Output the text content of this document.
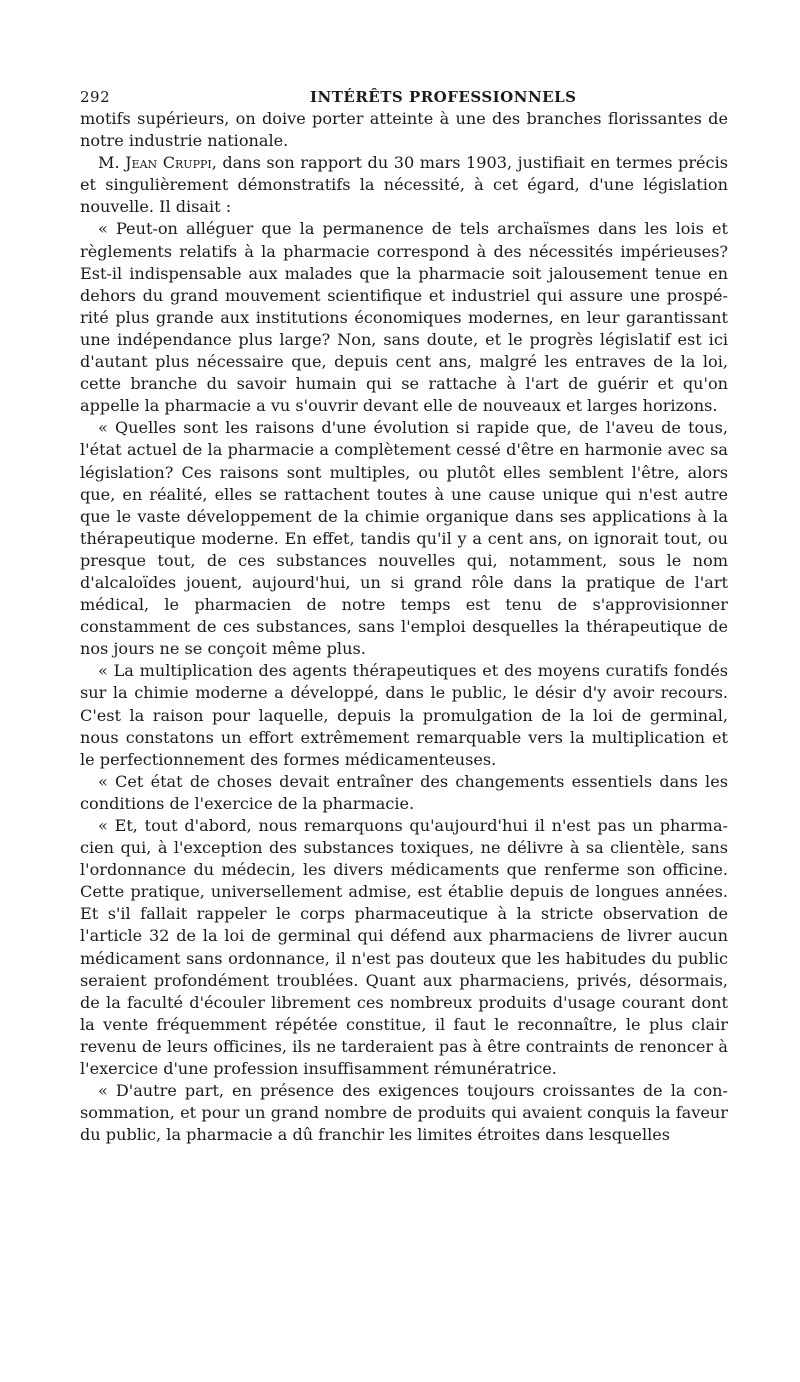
292	INTÉRÊTS PROFESSIONNELS

motifs supérieurs, on doive porter atteinte à une des branches florissantes de notre industrie nationale.

M. Jean Cruppi, dans son rapport du 30 mars 1903, justifiait en termes précis et singulièrement démonstratifs la nécessité, à cet égard, d'une législation nouvelle. Il disait :

« Peut-on alléguer que la permanence de tels archaïsmes dans les lois et règlements relatifs à la pharmacie correspond à des nécessités impérieuses? Est-il indispensable aux malades que la pharmacie soit jalousement tenue en dehors du grand mouvement scientifique et industriel qui assure une prospérité plus grande aux institutions économiques modernes, en leur garantissant une indépendance plus large? Non, sans doute, et le progrès législatif est ici d'autant plus nécessaire que, depuis cent ans, malgré les entraves de la loi, cette branche du savoir humain qui se rattache à l'art de guérir et qu'on appelle la pharmacie a vu s'ouvrir devant elle de nouveaux et larges horizons.

« Quelles sont les raisons d'une évolution si rapide que, de l'aveu de tous, l'état actuel de la pharmacie a complètement cessé d'être en harmonie avec sa législation? Ces raisons sont multiples, ou plutôt elles semblent l'être, alors que, en réalité, elles se rattachent toutes à une cause unique qui n'est autre que le vaste développement de la chimie organique dans ses applications à la thérapeutique moderne. En effet, tandis qu'il y a cent ans, on ignorait tout, ou presque tout, de ces substances nouvelles qui, notamment, sous le nom d'alcaloïdes jouent, aujourd'hui, un si grand rôle dans la pratique de l'art médical, le pharmacien de notre temps est tenu de s'approvisionner constamment de ces substances, sans l'emploi desquelles la thérapeutique de nos jours ne se conçoit même plus.

« La multiplication des agents thérapeutiques et des moyens curatifs fondés sur la chimie moderne a développé, dans le public, le désir d'y avoir recours. C'est la raison pour laquelle, depuis la promulgation de la loi de germinal, nous constatons un effort extrêmement remarquable vers la multiplication et le perfectionnement des formes médicamenteuses.

« Cet état de choses devait entraîner des changements essentiels dans les conditions de l'exercice de la pharmacie.

« Et, tout d'abord, nous remarquons qu'aujourd'hui il n'est pas un pharmacien qui, à l'exception des substances toxiques, ne délivre à sa clientèle, sans l'ordonnance du médecin, les divers médicaments que renferme son officine. Cette pratique, universellement admise, est établie depuis de longues années. Et s'il fallait rappeler le corps pharmaceutique à la stricte observation de l'article 32 de la loi de germinal qui défend aux pharmaciens de livrer aucun médicament sans ordonnance, il n'est pas douteux que les habitudes du public seraient profondément troublées. Quant aux pharmaciens, privés, désormais, de la faculté d'écouler librement ces nombreux produits d'usage courant dont la vente fréquemment répétée constitue, il faut le reconnaître, le plus clair revenu de leurs officines, ils ne tarderaient pas à être contraints de renoncer à l'exercice d'une profession insuffisamment rémunératrice.

« D'autre part, en présence des exigences toujours croissantes de la consommation, et pour un grand nombre de produits qui avaient conquis la faveur du public, la pharmacie a dû franchir les limites étroites dans lesquelles
